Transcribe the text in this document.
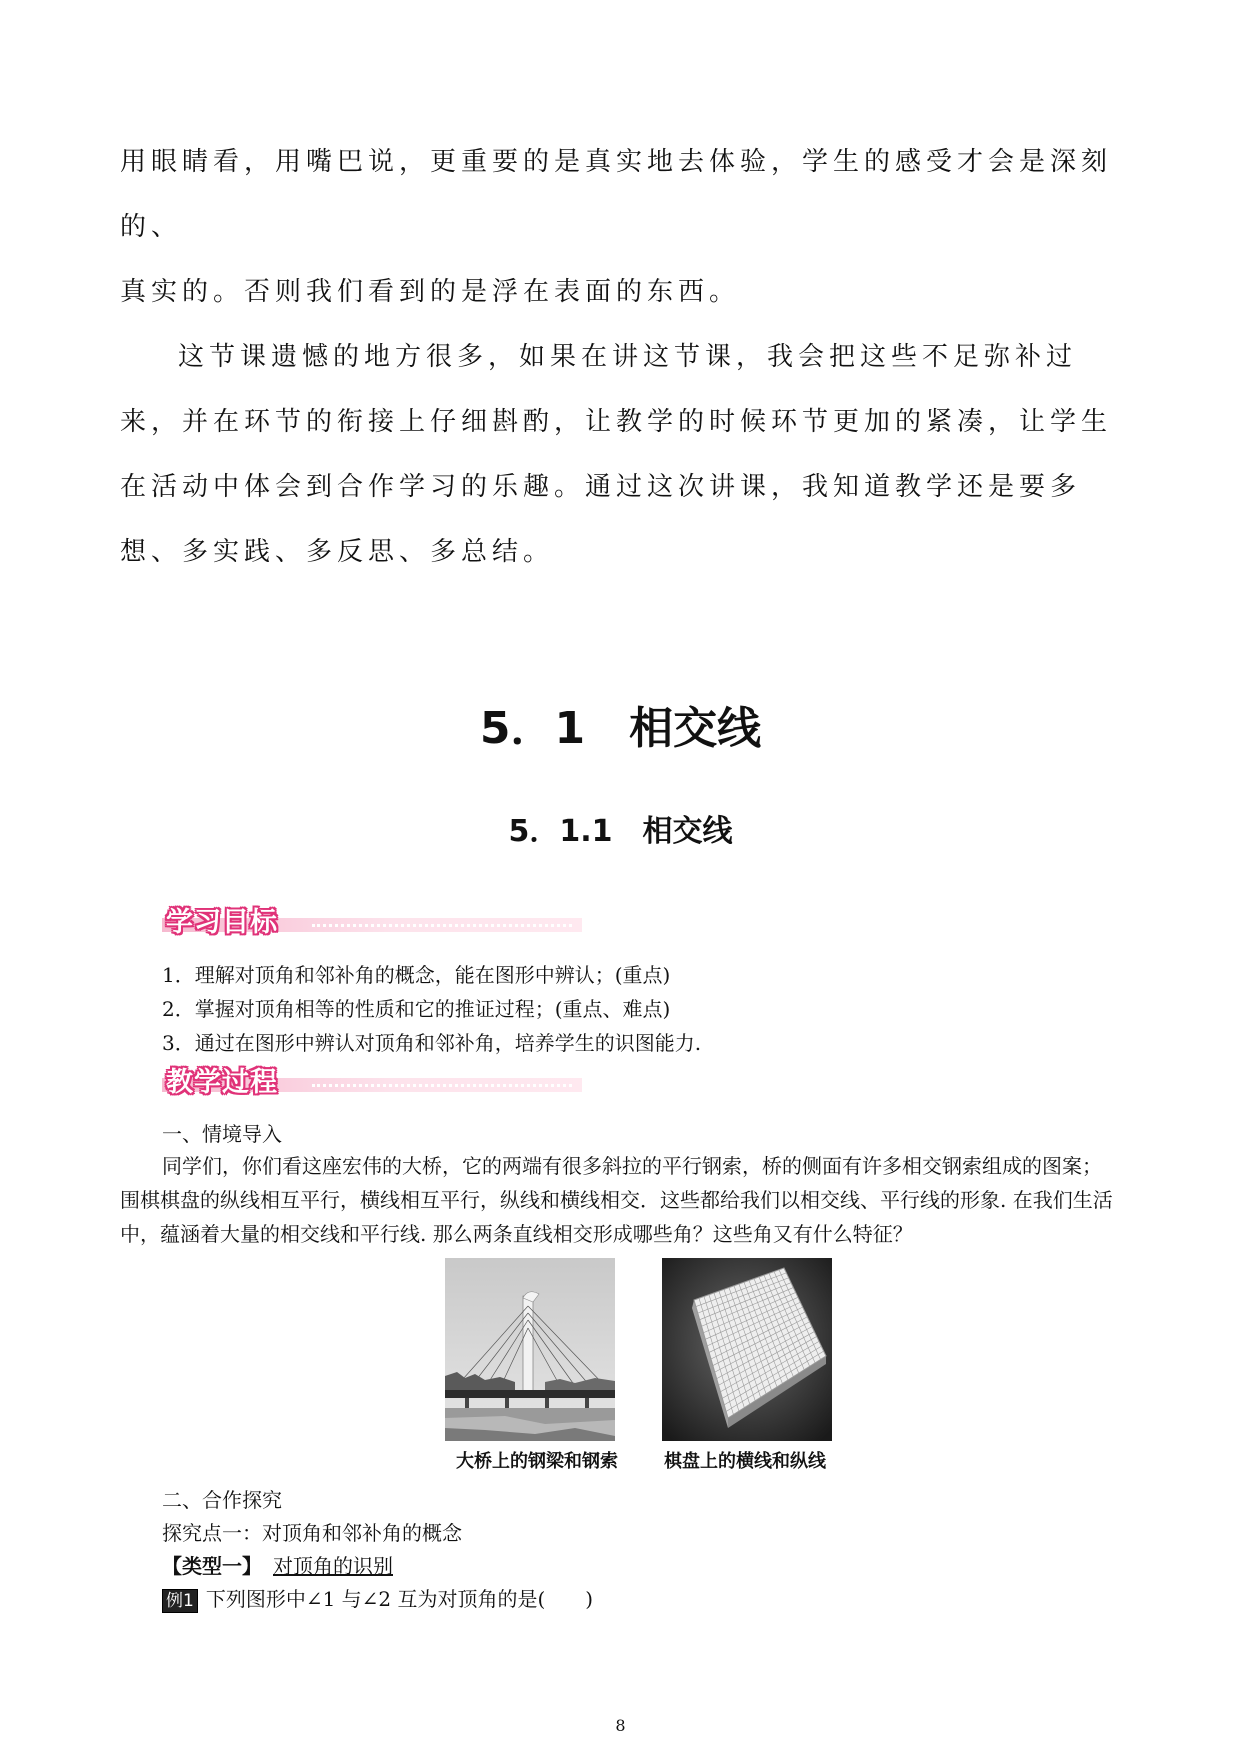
用眼睛看，用嘴巴说，更重要的是真实地去体验，学生的感受才会是深刻的、

真实的。否则我们看到的是浮在表面的东西。

这节课遗憾的地方很多，如果在讲这节课，我会把这些不足弥补过来，并在环节的衔接上仔细斟酌，让教学的时候环节更加的紧凑，让学生在活动中体会到合作学习的乐趣。通过这次讲课，我知道教学还是要多想、多实践、多反思、多总结。

5．1　相交线
5．1.1　相交线
学习目标
1．理解对顶角和邻补角的概念，能在图形中辨认；(重点)
2．掌握对顶角相等的性质和它的推证过程；(重点、难点)
3．通过在图形中辨认对顶角和邻补角，培养学生的识图能力.
教学过程
一、情境导入
同学们，你们看这座宏伟的大桥，它的两端有很多斜拉的平行钢索，桥的侧面有许多相交钢索组成的图案；围棋棋盘的纵线相互平行，横线相互平行，纵线和横线相交．这些都给我们以相交线、平行线的形象. 在我们生活中，蕴涵着大量的相交线和平行线. 那么两条直线相交形成哪些角？这些角又有什么特征？
大桥上的钢梁和钢索	棋盘上的横线和纵线
二、合作探究
探究点一：对顶角和邻补角的概念
【类型一】 对顶角的识别
例1 下列图形中∠1 与∠2 互为对顶角的是(　　)
8
